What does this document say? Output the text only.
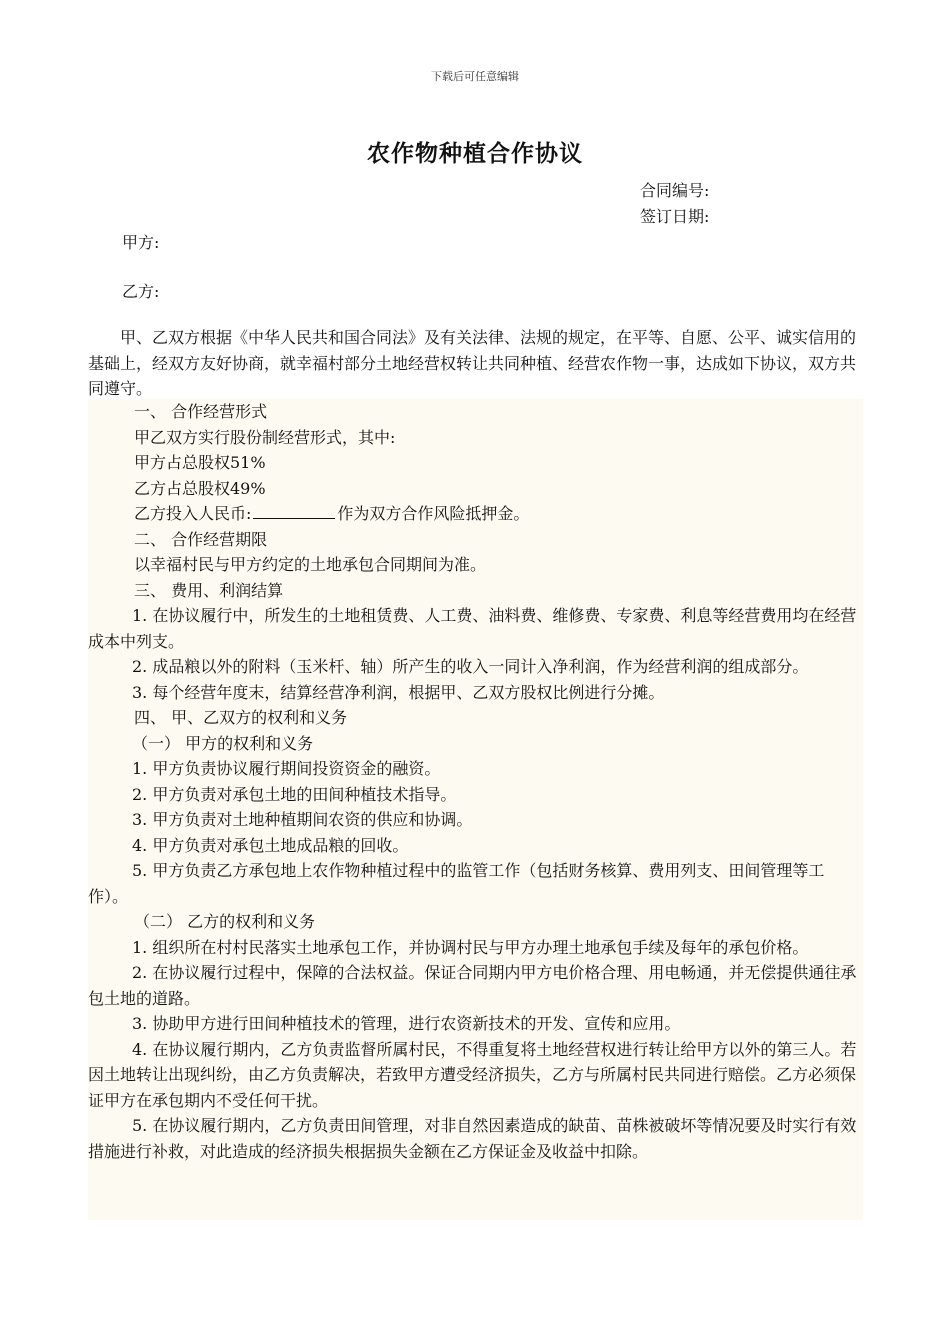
下载后可任意编辑
农作物种植合作协议
合同编号:
签订日期:
甲方:
乙方:
甲、乙双方根据《中华人民共和国合同法》及有关法律、法规的规定，在平等、自愿、公平、诚实信用的基础上，经双方友好协商，就幸福村部分土地经营权转让共同种植、经营农作物一事，达成如下协议，双方共同遵守。

一、 合作经营形式

甲乙双方实行股份制经营形式，其中:

甲方占总股权51%

乙方占总股权49%

乙方投入人民币:	作为双方合作风险抵押金。

二、 合作经营期限

以幸福村民与甲方约定的土地承包合同期间为准。

三、 费用、利润结算

1. 在协议履行中，所发生的土地租赁费、人工费、油料费、维修费、专家费、利息等经营费用均在经营成本中列支。

2. 成品粮以外的附料（玉米杆、轴）所产生的收入一同计入净利润，作为经营利润的组成部分。

3. 每个经营年度末，结算经营净利润，根据甲、乙双方股权比例进行分摊。

四、 甲、乙双方的权利和义务

（一） 甲方的权利和义务

1. 甲方负责协议履行期间投资资金的融资。

2. 甲方负责对承包土地的田间种植技术指导。

3. 甲方负责对土地种植期间农资的供应和协调。

4. 甲方负责对承包土地成品粮的回收。

5. 甲方负责乙方承包地上农作物种植过程中的监管工作（包括财务核算、费用列支、田间管理等工作）。

（二） 乙方的权利和义务

1. 组织所在村村民落实土地承包工作，并协调村民与甲方办理土地承包手续及每年的承包价格。

2. 在协议履行过程中，保障的合法权益。保证合同期内甲方电价格合理、用电畅通，并无偿提供通往承包土地的道路。

3. 协助甲方进行田间种植技术的管理，进行农资新技术的开发、宣传和应用。

4. 在协议履行期内，乙方负责监督所属村民，不得重复将土地经营权进行转让给甲方以外的第三人。若因土地转让出现纠纷，由乙方负责解决，若致甲方遭受经济损失，乙方与所属村民共同进行赔偿。乙方必须保证甲方在承包期内不受任何干扰。

5. 在协议履行期内，乙方负责田间管理，对非自然因素造成的缺苗、苗株被破坏等情况要及时实行有效措施进行补救，对此造成的经济损失根据损失金额在乙方保证金及收益中扣除。
